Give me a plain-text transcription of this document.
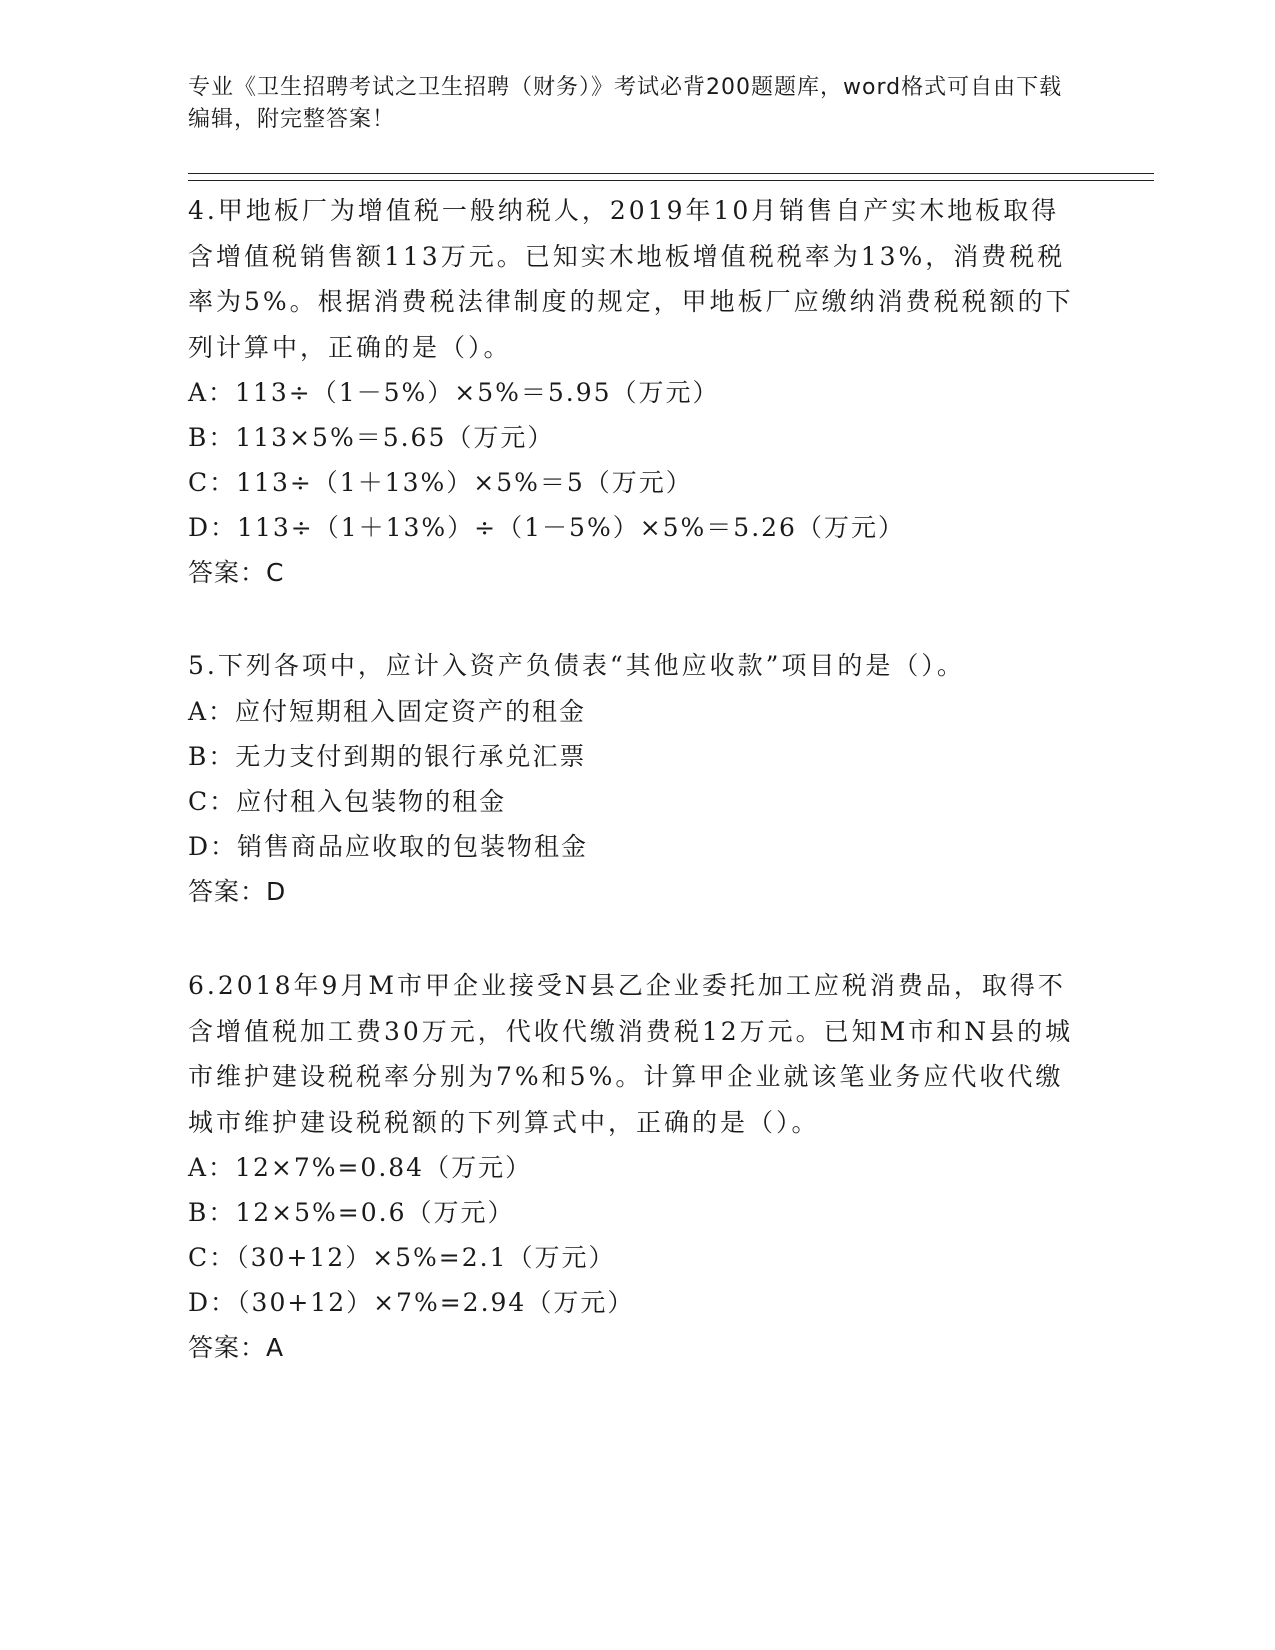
专业《卫生招聘考试之卫生招聘（财务）》考试必背200题题库，word格式可自由下载编辑，附完整答案！

4.甲地板厂为增值税一般纳税人，2019年10月销售自产实木地板取得含增值税销售额113万元。已知实木地板增值税税率为13%，消费税税率为5%。根据消费税法律制度的规定，甲地板厂应缴纳消费税税额的下列计算中，正确的是（）。

A：113÷（1－5%）×5%＝5.95（万元）

B：113×5%＝5.65（万元）

C：113÷（1＋13%）×5%＝5（万元）

D：113÷（1＋13%）÷（1－5%）×5%＝5.26（万元）

答案：C

5.下列各项中，应计入资产负债表“其他应收款”项目的是（）。

A：应付短期租入固定资产的租金

B：无力支付到期的银行承兑汇票

C：应付租入包装物的租金

D：销售商品应收取的包装物租金

答案：D

6.2018年9月M市甲企业接受N县乙企业委托加工应税消费品，取得不含增值税加工费30万元，代收代缴消费税12万元。已知M市和N县的城市维护建设税税率分别为7%和5%。计算甲企业就该笔业务应代收代缴城市维护建设税税额的下列算式中，正确的是（）。

A：12×7%=0.84（万元）

B：12×5%=0.6（万元）

C：（30+12）×5%=2.1（万元）

D：（30+12）×7%=2.94（万元）

答案：A
